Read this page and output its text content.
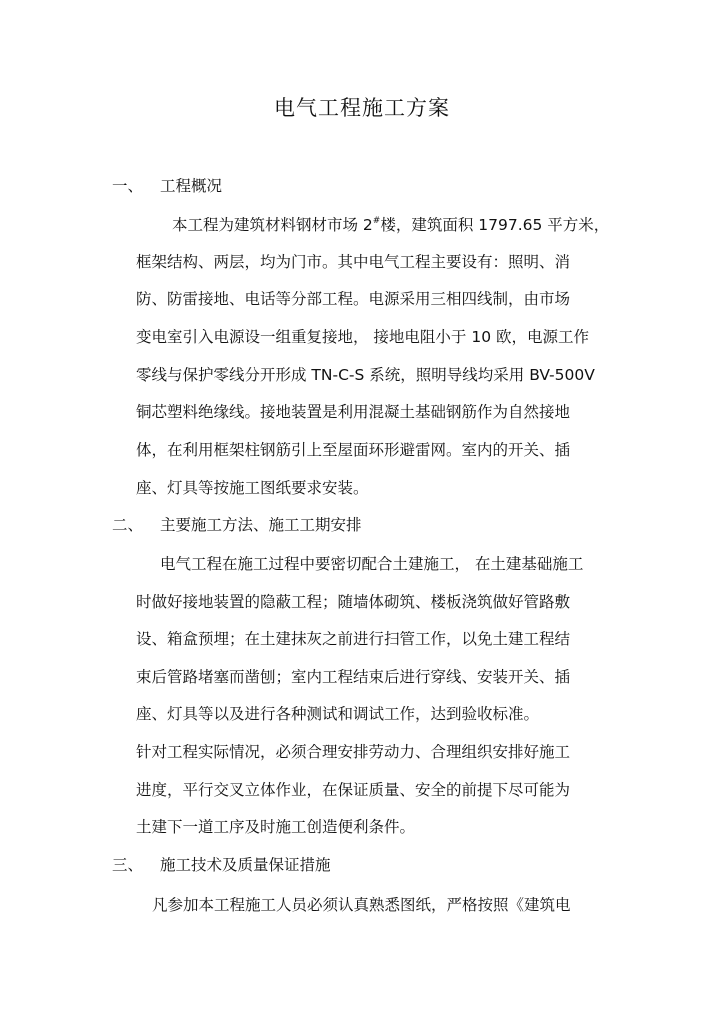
电气工程施工方案
一、 工程概况
本工程为建筑材料钢材市场 2#楼，建筑面积 1797.65 平方米，
框架结构、两层，均为门市。其中电气工程主要设有：照明、消
防、防雷接地、电话等分部工程。电源采用三相四线制，由市场
变电室引入电源设一组重复接地， 接地电阻小于 10 欧，电源工作
零线与保护零线分开形成 TN-C-S 系统，照明导线均采用 BV-500V
铜芯塑料绝缘线。接地装置是利用混凝土基础钢筋作为自然接地
体，在利用框架柱钢筋引上至屋面环形避雷网。室内的开关、插
座、灯具等按施工图纸要求安装。
二、 主要施工方法、施工工期安排
电气工程在施工过程中要密切配合土建施工， 在土建基础施工
时做好接地装置的隐蔽工程；随墙体砌筑、楼板浇筑做好管路敷
设、箱盒预埋；在土建抹灰之前进行扫管工作，以免土建工程结
束后管路堵塞而凿刨；室内工程结束后进行穿线、安装开关、插
座、灯具等以及进行各种测试和调试工作，达到验收标准。
针对工程实际情况，必须合理安排劳动力、合理组织安排好施工
进度，平行交叉立体作业，在保证质量、安全的前提下尽可能为
土建下一道工序及时施工创造便利条件。
三、 施工技术及质量保证措施
凡参加本工程施工人员必须认真熟悉图纸，严格按照《建筑电
